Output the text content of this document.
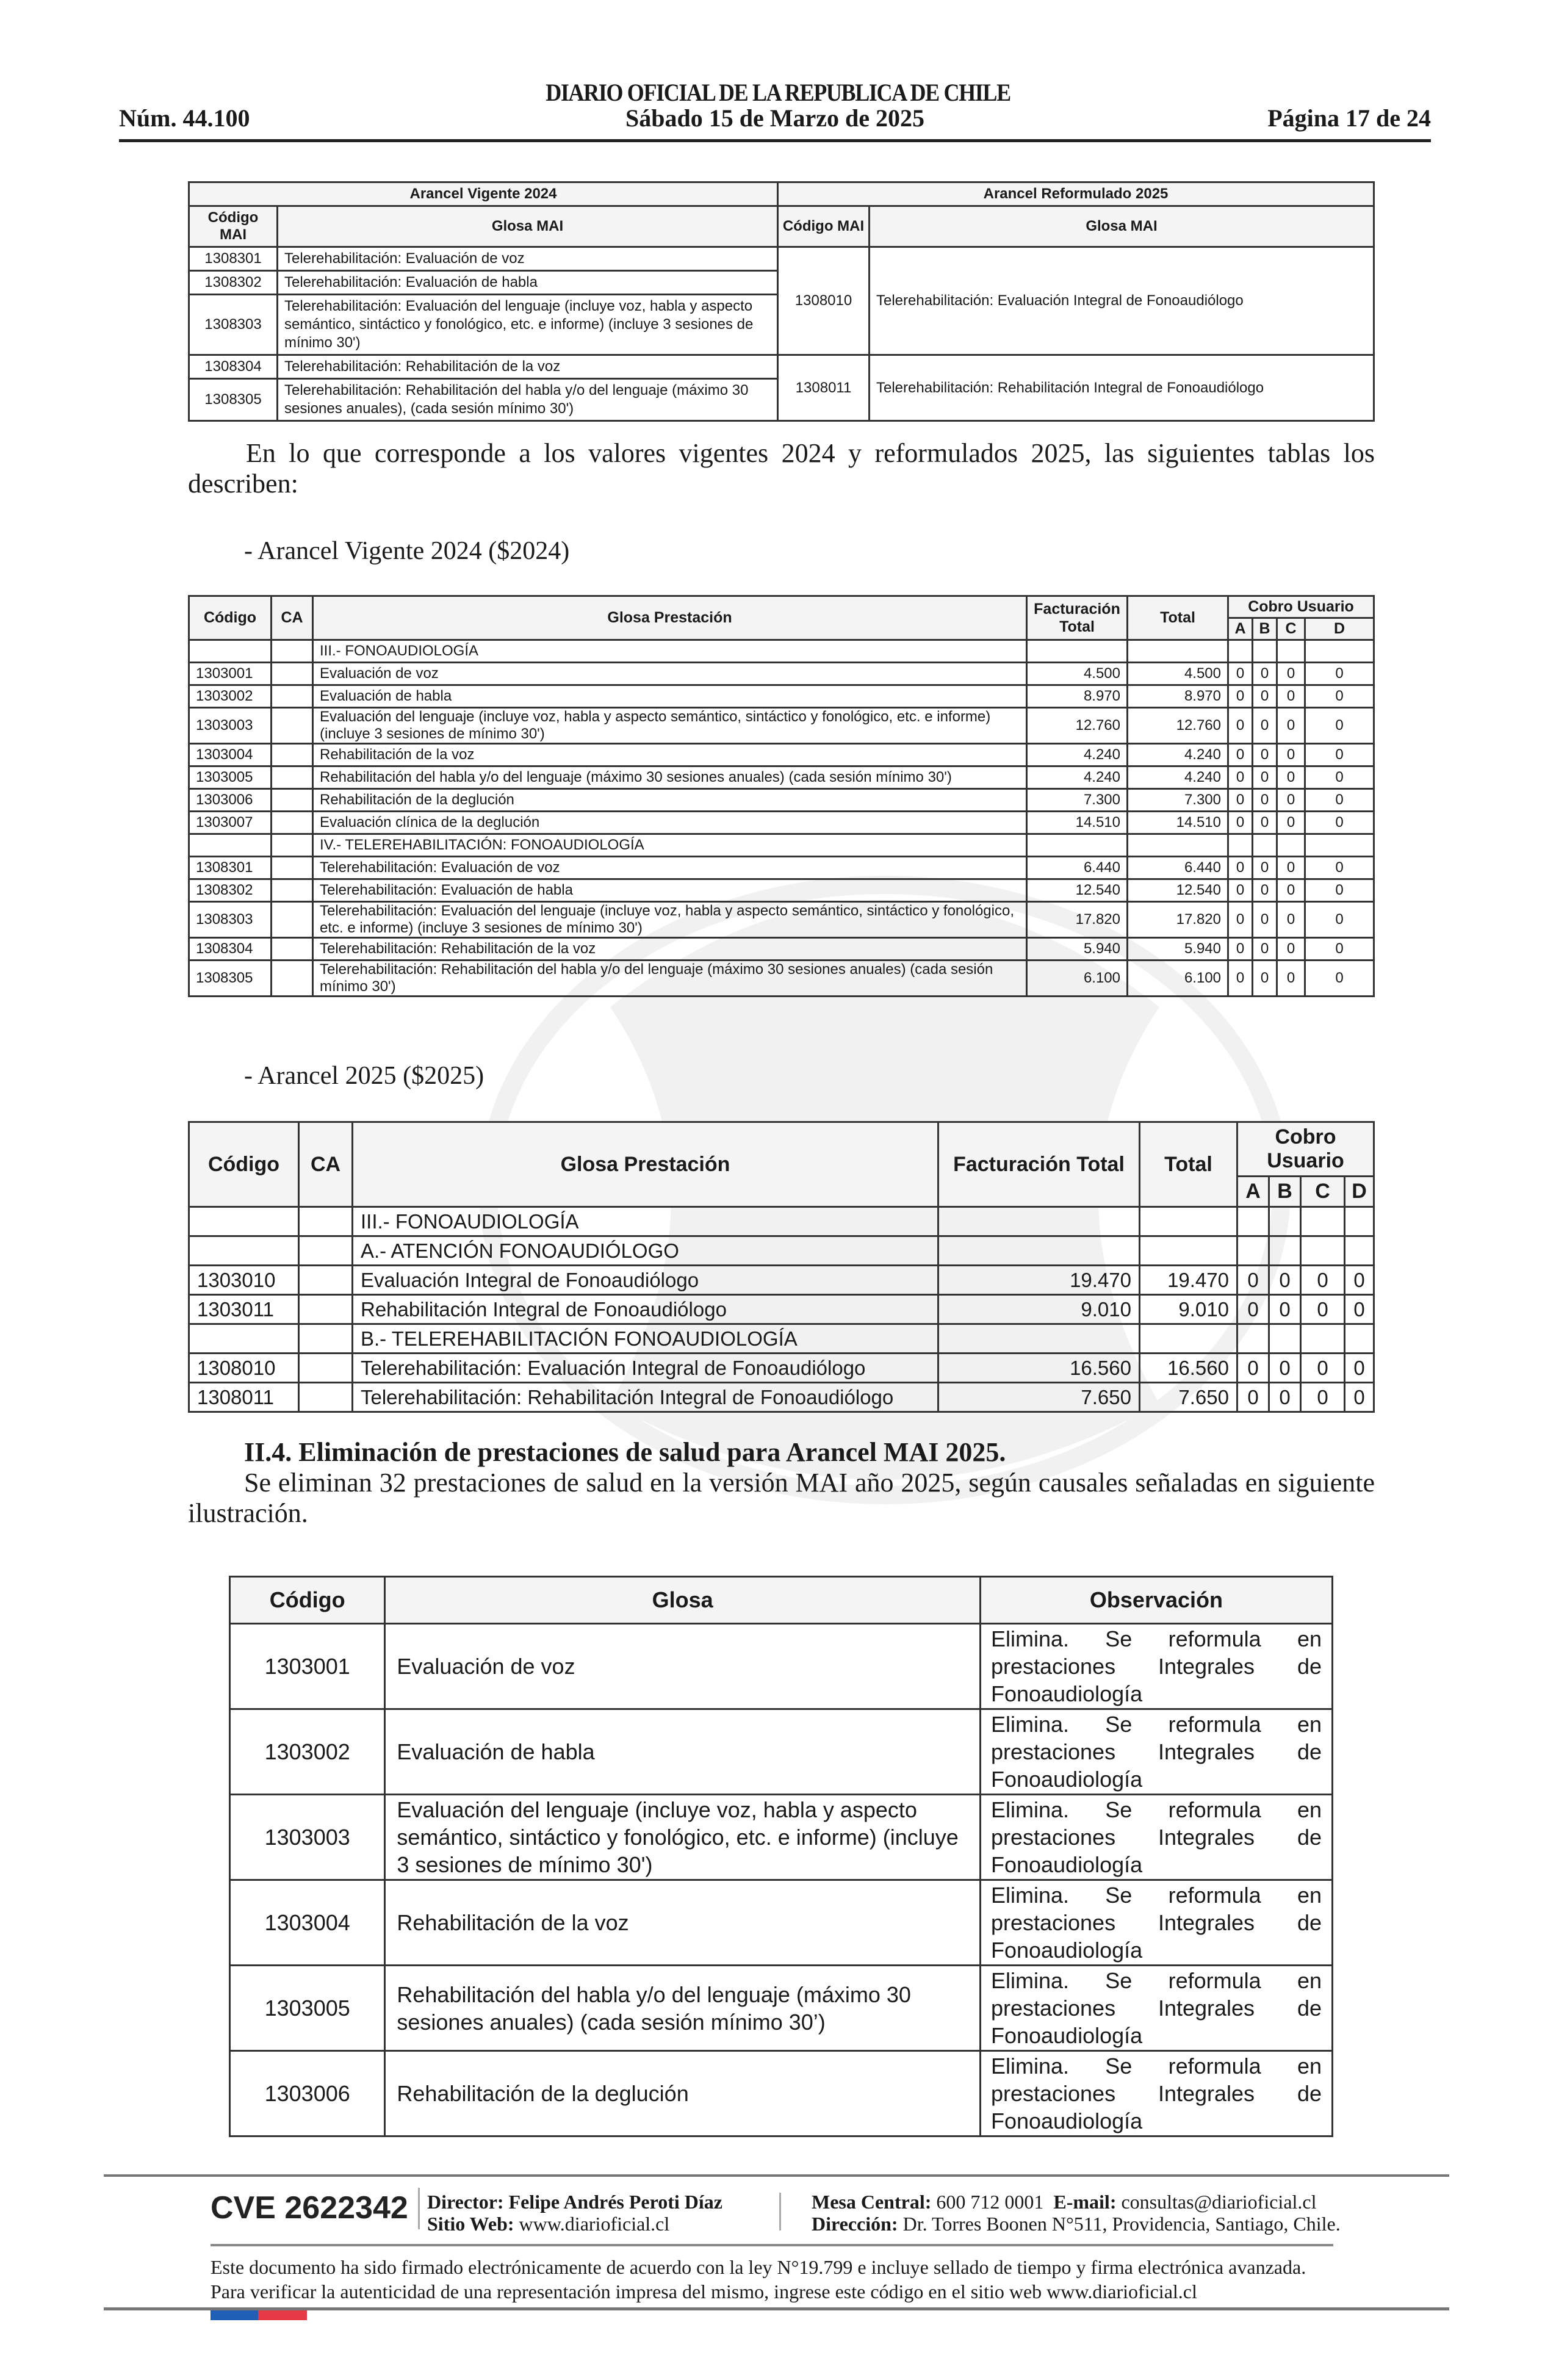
DIARIO OFICIAL DE LA REPUBLICA DE CHILE
Núm. 44.100	Sábado 15 de Marzo de 2025	Página 17 de 24
Arancel Vigente 2024		Arancel Reformulado 2025	
Código MAI	Glosa MAI	Código MAI	Glosa MAI
1308301	Telerehabilitación: Evaluación de voz	1308010	Telerehabilitación: Evaluación Integral de Fonoaudiólogo
1308302	Telerehabilitación: Evaluación de habla		
1308303	Telerehabilitación: Evaluación del lenguaje (incluye voz, habla y aspecto semántico, sintáctico y fonológico, etc. e informe) (incluye 3 sesiones de mínimo 30')		
1308304	Telerehabilitación: Rehabilitación de la voz	1308011	Telerehabilitación: Rehabilitación Integral de Fonoaudiólogo
1308305	Telerehabilitación: Rehabilitación del habla y/o del lenguaje (máximo 30 sesiones anuales), (cada sesión mínimo 30')		
En lo que corresponde a los valores vigentes 2024 y reformulados 2025, las siguientes tablas los describen:
- Arancel Vigente 2024 ($2024)
Código	CA	Glosa Prestación	Facturación Total	Total	Cobro Usuario			
					A	B	C	D
		III.- FONOAUDIOLOGÍA						
1303001		Evaluación de voz	4.500	4.500	0	0	0	0
1303002		Evaluación de habla	8.970	8.970	0	0	0	0
1303003		Evaluación del lenguaje (incluye voz, habla y aspecto semántico, sintáctico y fonológico, etc. e informe) (incluye 3 sesiones de mínimo 30')	12.760	12.760	0	0	0	0
1303004		Rehabilitación de la voz	4.240	4.240	0	0	0	0
1303005		Rehabilitación del habla y/o del lenguaje (máximo 30 sesiones anuales) (cada sesión mínimo 30')	4.240	4.240	0	0	0	0
1303006		Rehabilitación de la deglución	7.300	7.300	0	0	0	0
1303007		Evaluación clínica de la deglución	14.510	14.510	0	0	0	0
		IV.- TELEREHABILITACIÓN: FONOAUDIOLOGÍA						
1308301		Telerehabilitación: Evaluación de voz	6.440	6.440	0	0	0	0
1308302		Telerehabilitación: Evaluación de habla	12.540	12.540	0	0	0	0
1308303		Telerehabilitación: Evaluación del lenguaje (incluye voz, habla y aspecto semántico, sintáctico y fonológico, etc. e informe) (incluye 3 sesiones de mínimo 30')	17.820	17.820	0	0	0	0
1308304		Telerehabilitación: Rehabilitación de la voz	5.940	5.940	0	0	0	0
1308305		Telerehabilitación: Rehabilitación del habla y/o del lenguaje (máximo 30 sesiones anuales) (cada sesión mínimo 30')	6.100	6.100	0	0	0	0
- Arancel 2025 ($2025)
Código	CA	Glosa Prestación	Facturación Total	Total	Cobro Usuario			
					A	B	C	D
		III.- FONOAUDIOLOGÍA						
		A.- ATENCIÓN FONOAUDIÓLOGO						
1303010		Evaluación Integral de Fonoaudiólogo	19.470	19.470	0	0	0	0
1303011		Rehabilitación Integral de Fonoaudiólogo	9.010	9.010	0	0	0	0
		B.- TELEREHABILITACIÓN FONOAUDIOLOGÍA						
1308010		Telerehabilitación: Evaluación Integral de Fonoaudiólogo	16.560	16.560	0	0	0	0
1308011		Telerehabilitación: Rehabilitación Integral de Fonoaudiólogo	7.650	7.650	0	0	0	0
II.4. Eliminación de prestaciones de salud para Arancel MAI 2025.
Se eliminan 32 prestaciones de salud en la versión MAI año 2025, según causales señaladas en siguiente ilustración.
Código	Glosa	Observación
1303001	Evaluación de voz	Elimina. Se reformula en prestaciones Integrales de Fonoaudiología
1303002	Evaluación de habla	Elimina. Se reformula en prestaciones Integrales de Fonoaudiología
1303003	Evaluación del lenguaje (incluye voz, habla y aspecto semántico, sintáctico y fonológico, etc. e informe) (incluye 3 sesiones de mínimo 30')	Elimina. Se reformula en prestaciones Integrales de Fonoaudiología
1303004	Rehabilitación de la voz	Elimina. Se reformula en prestaciones Integrales de Fonoaudiología
1303005	Rehabilitación del habla y/o del lenguaje (máximo 30 sesiones anuales) (cada sesión mínimo 30’)	Elimina. Se reformula en prestaciones Integrales de Fonoaudiología
1303006	Rehabilitación de la deglución	Elimina. Se reformula en prestaciones Integrales de Fonoaudiología
CVE 2622342 Director: Felipe Andrés Peroti Díaz
Sitio Web: www.diarioficial.cl
Mesa Central: 600 712 0001 E-mail: consultas@diarioficial.cl
Dirección: Dr. Torres Boonen N°511, Providencia, Santiago, Chile.
Este documento ha sido firmado electrónicamente de acuerdo con la ley N°19.799 e incluye sellado de tiempo y firma electrónica avanzada. Para verificar la autenticidad de una representación impresa del mismo, ingrese este código en el sitio web www.diarioficial.cl
